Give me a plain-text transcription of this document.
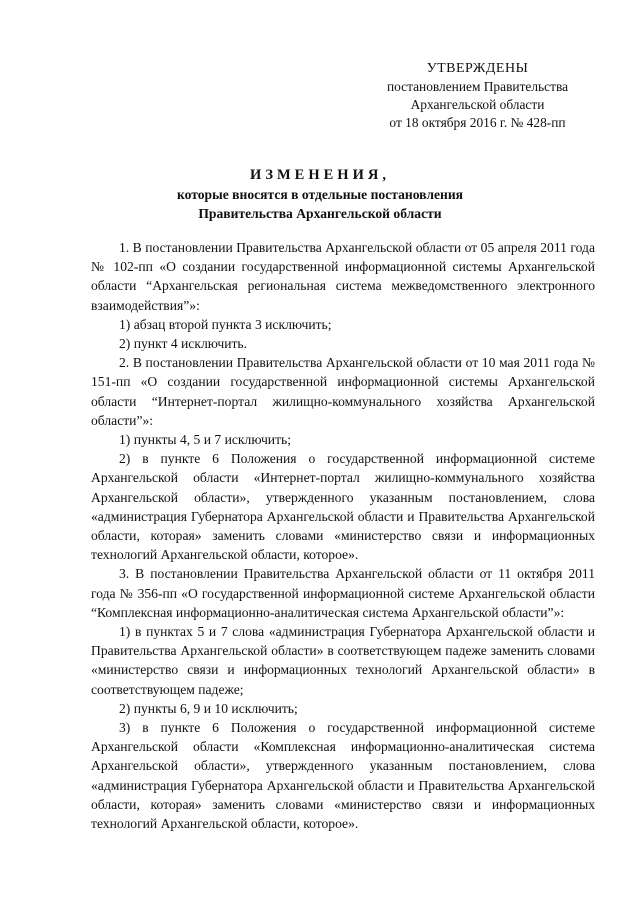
УТВЕРЖДЕНЫ
постановлением Правительства
Архангельской области
от 18 октября 2016 г. № 428-пп
ИЗМЕНЕНИЯ,
которые вносятся в отдельные постановления
Правительства Архангельской области

1. В постановлении Правительства Архангельской области от 05 апреля 2011 года № 102-пп «О создании государственной информационной системы Архангельской области “Архангельская региональная система межведомственного электронного взаимодействия”»:

1) абзац второй пункта 3 исключить;

2) пункт 4 исключить.

2. В постановлении Правительства Архангельской области от 10 мая 2011 года № 151-пп «О создании государственной информационной системы Архангельской области “Интернет-портал жилищно-коммунального хозяйства Архангельской области”»:

1) пункты 4, 5 и 7 исключить;

2) в пункте 6 Положения о государственной информационной системе Архангельской области «Интернет-портал жилищно-коммунального хозяйства Архангельской области», утвержденного указанным постановлением, слова «администрация Губернатора Архангельской области и Правительства Архангельской области, которая» заменить словами «министерство связи и информационных технологий Архангельской области, которое».

3. В постановлении Правительства Архангельской области от 11 октября 2011 года № 356-пп «О государственной информационной системе Архангельской области “Комплексная информационно-аналитическая система Архангельской области”»:

1) в пунктах 5 и 7 слова «администрация Губернатора Архангельской области и Правительства Архангельской области» в соответствующем падеже заменить словами «министерство связи и информационных технологий Архангельской области» в соответствующем падеже;

2) пункты 6, 9 и 10 исключить;

3) в пункте 6 Положения о государственной информационной системе Архангельской области «Комплексная информационно-аналитическая система Архангельской области», утвержденного указанным постановлением, слова «администрация Губернатора Архангельской области и Правительства Архангельской области, которая» заменить словами «министерство связи и информационных технологий Архангельской области, которое».
